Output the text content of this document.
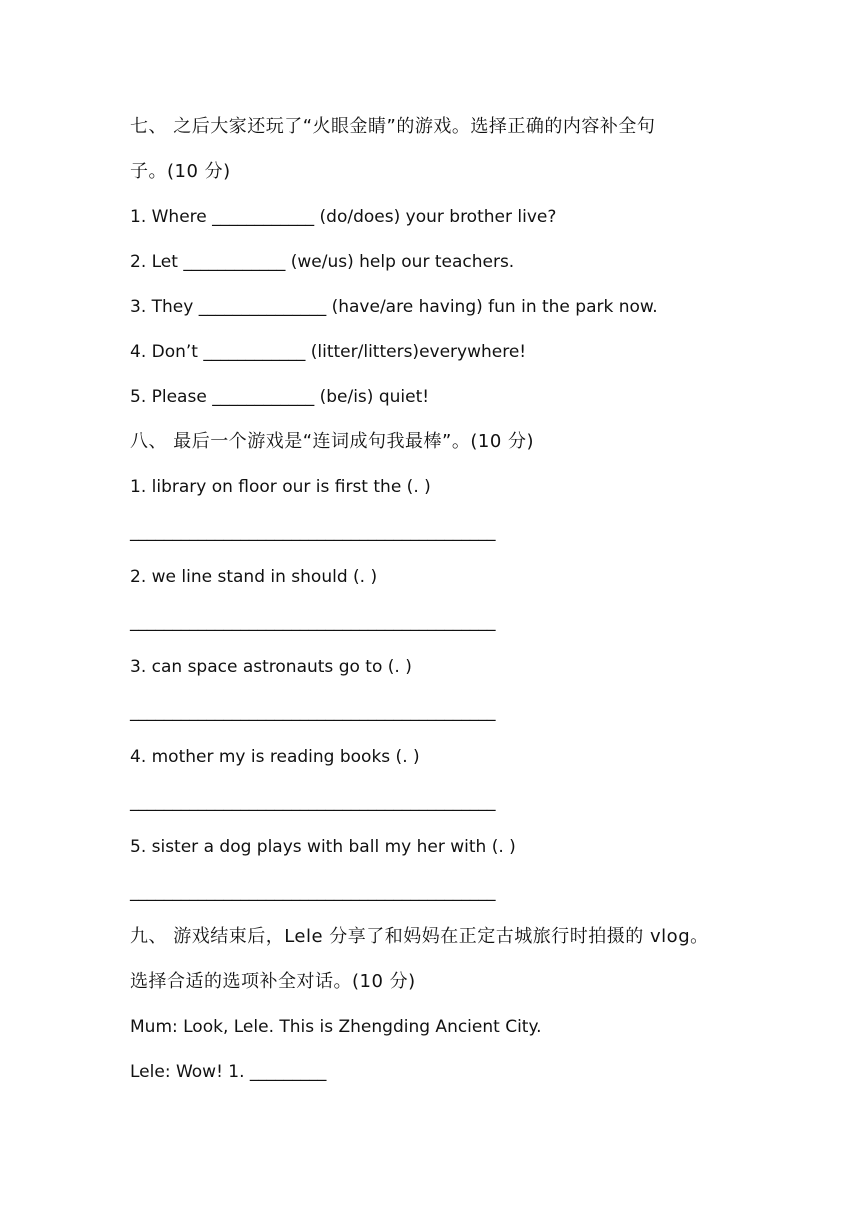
七、 之后大家还玩了“火眼金睛”的游戏。选择正确的内容补全句
子。(10 分)
1. Where ____________ (do/does) your brother live?
2. Let ____________ (we/us) help our teachers.
3. They _______________ (have/are having) fun in the park now.
4. Don’t ____________ (litter/litters)everywhere!
5. Please ____________ (be/is) quiet!
八、 最后一个游戏是“连词成句我最棒”。(10 分)
1. library on floor our is first the (. )
___________________________________________
2. we line stand in should (. )
___________________________________________
3. can space astronauts go to (. )
___________________________________________
4. mother my is reading books (. )
___________________________________________
5. sister a dog plays with ball my her with (. )
___________________________________________
九、 游戏结束后，Lele 分享了和妈妈在正定古城旅行时拍摄的 vlog。
选择合适的选项补全对话。(10 分)
Mum: Look, Lele. This is Zhengding Ancient City.
Lele: Wow! 1. _________
